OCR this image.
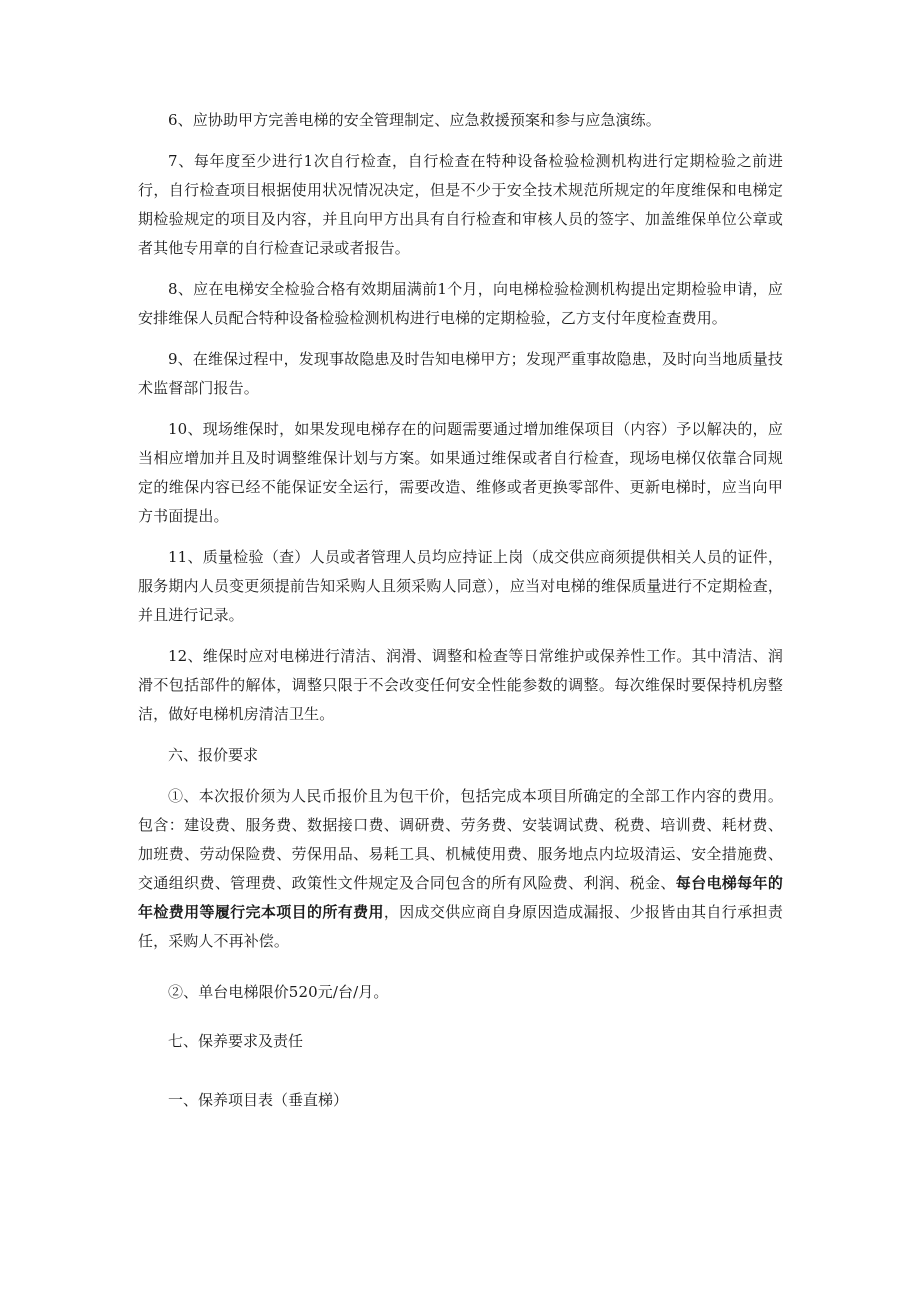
6、应协助甲方完善电梯的安全管理制定、应急救援预案和参与应急演练。

7、每年度至少进行1次自行检查，自行检查在特种设备检验检测机构进行定期检验之前进行，自行检查项目根据使用状况情况决定，但是不少于安全技术规范所规定的年度维保和电梯定期检验规定的项目及内容，并且向甲方出具有自行检查和审核人员的签字、加盖维保单位公章或者其他专用章的自行检查记录或者报告。

8、应在电梯安全检验合格有效期届满前1个月，向电梯检验检测机构提出定期检验申请，应安排维保人员配合特种设备检验检测机构进行电梯的定期检验，乙方支付年度检查费用。

9、在维保过程中，发现事故隐患及时告知电梯甲方；发现严重事故隐患，及时向当地质量技术监督部门报告。

10、现场维保时，如果发现电梯存在的问题需要通过增加维保项目（内容）予以解决的，应当相应增加并且及时调整维保计划与方案。如果通过维保或者自行检查，现场电梯仅依靠合同规定的维保内容已经不能保证安全运行，需要改造、维修或者更换零部件、更新电梯时，应当向甲方书面提出。

11、质量检验（查）人员或者管理人员均应持证上岗（成交供应商须提供相关人员的证件，服务期内人员变更须提前告知采购人且须采购人同意），应当对电梯的维保质量进行不定期检查，并且进行记录。

12、维保时应对电梯进行清洁、润滑、调整和检查等日常维护或保养性工作。其中清洁、润滑不包括部件的解体，调整只限于不会改变任何安全性能参数的调整。每次维保时要保持机房整洁，做好电梯机房清洁卫生。

六、报价要求

①、本次报价须为人民币报价且为包干价，包括完成本项目所确定的全部工作内容的费用。包含：建设费、服务费、数据接口费、调研费、劳务费、安装调试费、税费、培训费、耗材费、加班费、劳动保险费、劳保用品、易耗工具、机械使用费、服务地点内垃圾清运、安全措施费、交通组织费、管理费、政策性文件规定及合同包含的所有风险费、利润、税金、每台电梯每年的年检费用等履行完本项目的所有费用，因成交供应商自身原因造成漏报、少报皆由其自行承担责任，采购人不再补偿。

②、单台电梯限价520元/台/月。

七、保养要求及责任

一、保养项目表（垂直梯）
